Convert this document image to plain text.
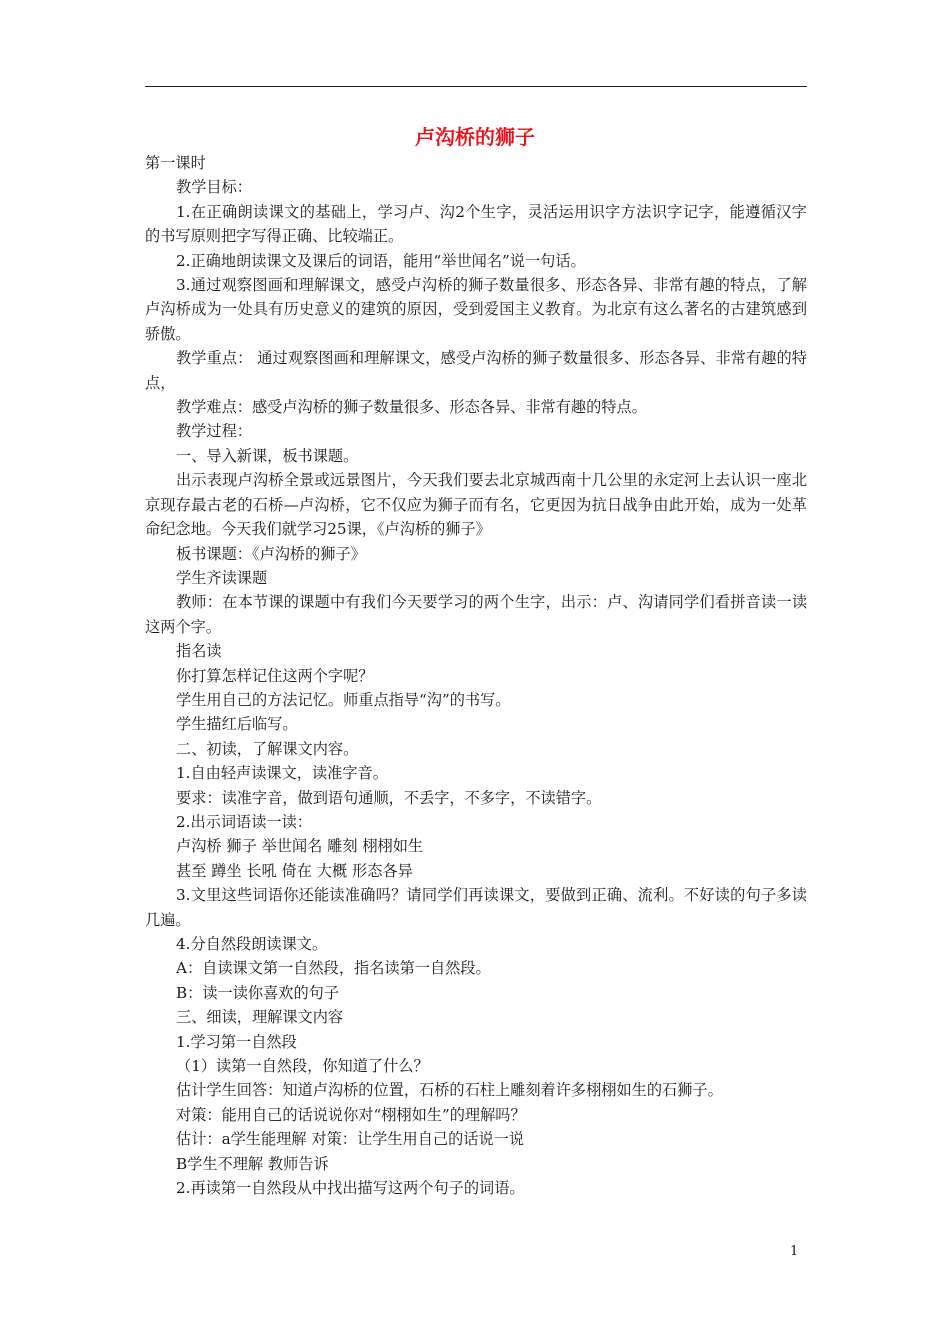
卢沟桥的狮子

第一课时

教学目标：

1.在正确朗读课文的基础上，学习卢、沟2个生字，灵活运用识字方法识字记字，能遵循汉字的书写原则把字写得正确、比较端正。

2.正确地朗读课文及课后的词语，能用“举世闻名”说一句话。

3.通过观察图画和理解课文，感受卢沟桥的狮子数量很多、形态各异、非常有趣的特点，了解卢沟桥成为一处具有历史意义的建筑的原因，受到爱国主义教育。为北京有这么著名的古建筑感到骄傲。

教学重点： 通过观察图画和理解课文，感受卢沟桥的狮子数量很多、形态各异、非常有趣的特点，

教学难点：感受卢沟桥的狮子数量很多、形态各异、非常有趣的特点。

教学过程：

一、导入新课，板书课题。

出示表现卢沟桥全景或远景图片，今天我们要去北京城西南十几公里的永定河上去认识一座北京现存最古老的石桥—卢沟桥，它不仅应为狮子而有名，它更因为抗日战争由此开始，成为一处革命纪念地。今天我们就学习25课，《卢沟桥的狮子》

板书课题：《卢沟桥的狮子》

学生齐读课题

教师：在本节课的课题中有我们今天要学习的两个生字，出示：卢、沟请同学们看拼音读一读这两个字。

指名读

你打算怎样记住这两个字呢？

学生用自己的方法记忆。师重点指导“沟”的书写。

学生描红后临写。

二、初读，了解课文内容。

1.自由轻声读课文，读准字音。

要求：读准字音，做到语句通顺，不丢字，不多字，不读错字。

2.出示词语读一读：

卢沟桥 狮子 举世闻名 雕刻 栩栩如生

甚至 蹲坐 长吼 倚在 大概 形态各异

3.文里这些词语你还能读准确吗？请同学们再读课文，要做到正确、流利。不好读的句子多读几遍。

4.分自然段朗读课文。

A：自读课文第一自然段，指名读第一自然段。

B：读一读你喜欢的句子

三、细读，理解课文内容

1.学习第一自然段

（1）读第一自然段，你知道了什么？

估计学生回答：知道卢沟桥的位置，石桥的石柱上雕刻着许多栩栩如生的石狮子。

对策：能用自己的话说说你对“栩栩如生”的理解吗？

估计：a学生能理解 对策：让学生用自己的话说一说

B学生不理解 教师告诉

2.再读第一自然段从中找出描写这两个句子的词语。

1
